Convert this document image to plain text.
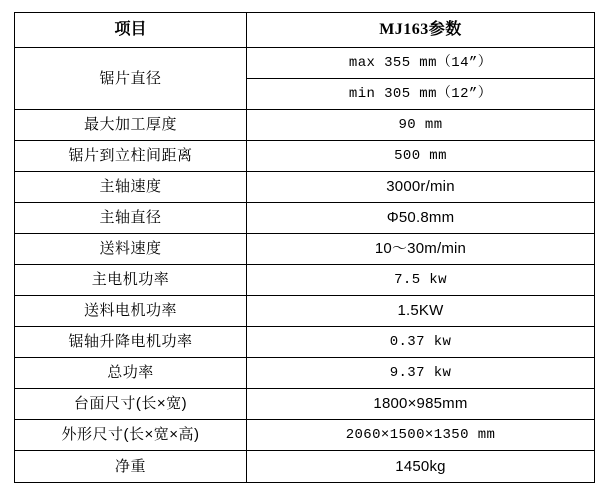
项目	MJ163参数
锯片直径	max 355 mm（14”）
	min 305 mm（12”）
最大加工厚度	90 mm
锯片到立柱间距离	500 mm
主轴速度	3000r/min
主轴直径	Φ50.8mm
送料速度	10～30m/min
主电机功率	7.5 kw
送料电机功率	1.5KW
锯轴升降电机功率	0.37 kw
总功率	9.37 kw
台面尺寸(长×宽)	1800×985mm
外形尺寸(长×宽×高)	2060×1500×1350 mm
净重	1450kg
